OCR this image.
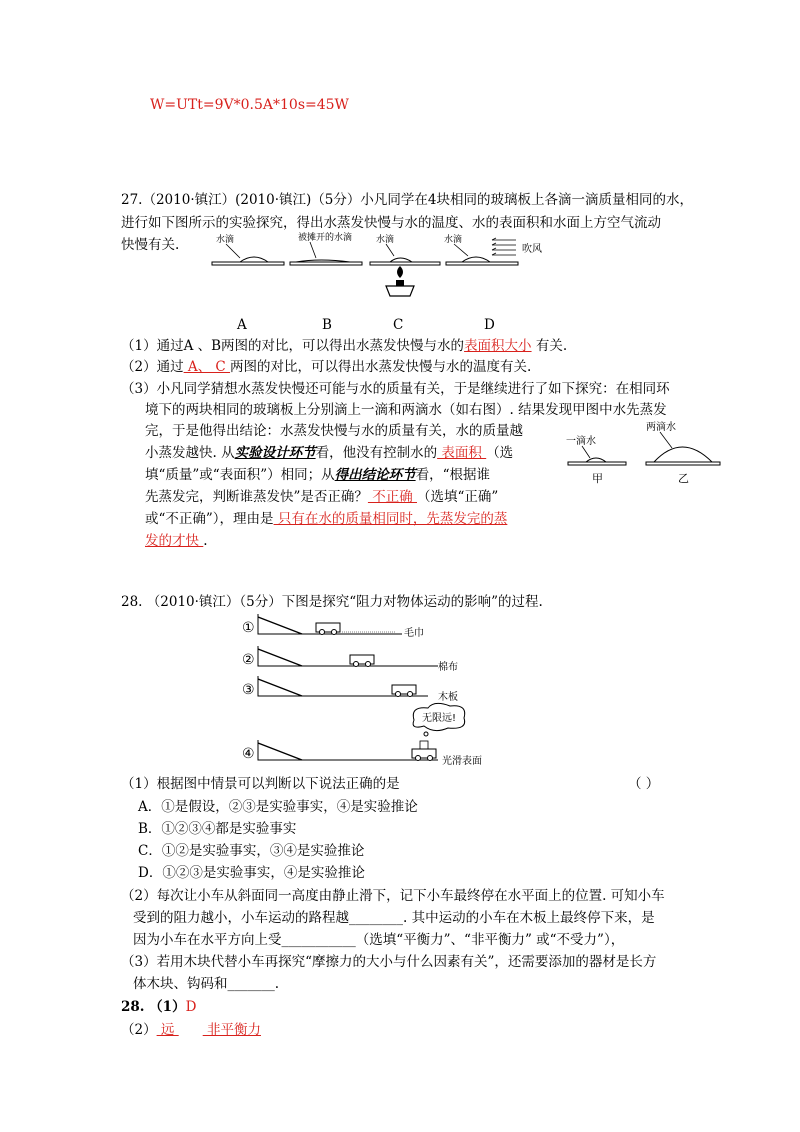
W=UTt=9V*0.5A*10s=45W
27.（2010·镇江）(2010·镇江)（5分）小凡同学在4块相同的玻璃板上各滴一滴质量相同的水，
进行如下图所示的实验探究，得出水蒸发快慢与水的温度、水的表面积和水面上方空气流动
快慢有关.	水滴	被摊开的水滴	水滴	水滴
吹风
A	B	C	D
（1）通过A 、B两图的对比，可以得出水蒸发快慢与水的表面积大小 有关.
（2）通过 A、 C 两图的对比，可以得出水蒸发快慢与水的温度有关.
（3）小凡同学猜想水蒸发快慢还可能与水的质量有关，于是继续进行了如下探究：在相同环
境下的两块相同的玻璃板上分别滴上一滴和两滴水（如右图）. 结果发现甲图中水先蒸发
完，于是他得出结论：水蒸发快慢与水的质量有关，水的质量越
小蒸发越快. 从实验设计环节看，他没有控制水的 表面积 （选
填“质量”或“表面积”）相同；从得出结论环节看，“根据谁
先蒸发完，判断谁蒸发快”是否正确？ 不正确 （选填“正确”
或“不正确”），理由是 只有在水的质量相同时，先蒸发完的蒸
发的才快 .
一滴水
甲
两滴水
乙
28. （2010·镇江）（5分）下图是探究“阻力对物体运动的影响”的过程.
①	毛巾
②	棉布
③	木板
④
无限远!
光滑表面
（1）根据图中情景可以判断以下说法正确的是	（ ）
A．①是假设，②③是实验事实，④是实验推论
B．①②③④都是实验事实
C．①②是实验事实，③④是实验推论
D．①②③是实验事实，④是实验推论
（2）每次让小车从斜面同一高度由静止滑下，记下小车最终停在水平面上的位置. 可知小车
受到的阻力越小，小车运动的路程越________. 其中运动的小车在木板上最终停下来，是
因为小车在水平方向上受___________（选填“平衡力”、“非平衡力” 或“不受力”），
（3）若用木块代替小车再探究“摩擦力的大小与什么因素有关”，还需要添加的器材是长方
体木块、钩码和_______.
28. （1）D
（2） 远  非平衡力
